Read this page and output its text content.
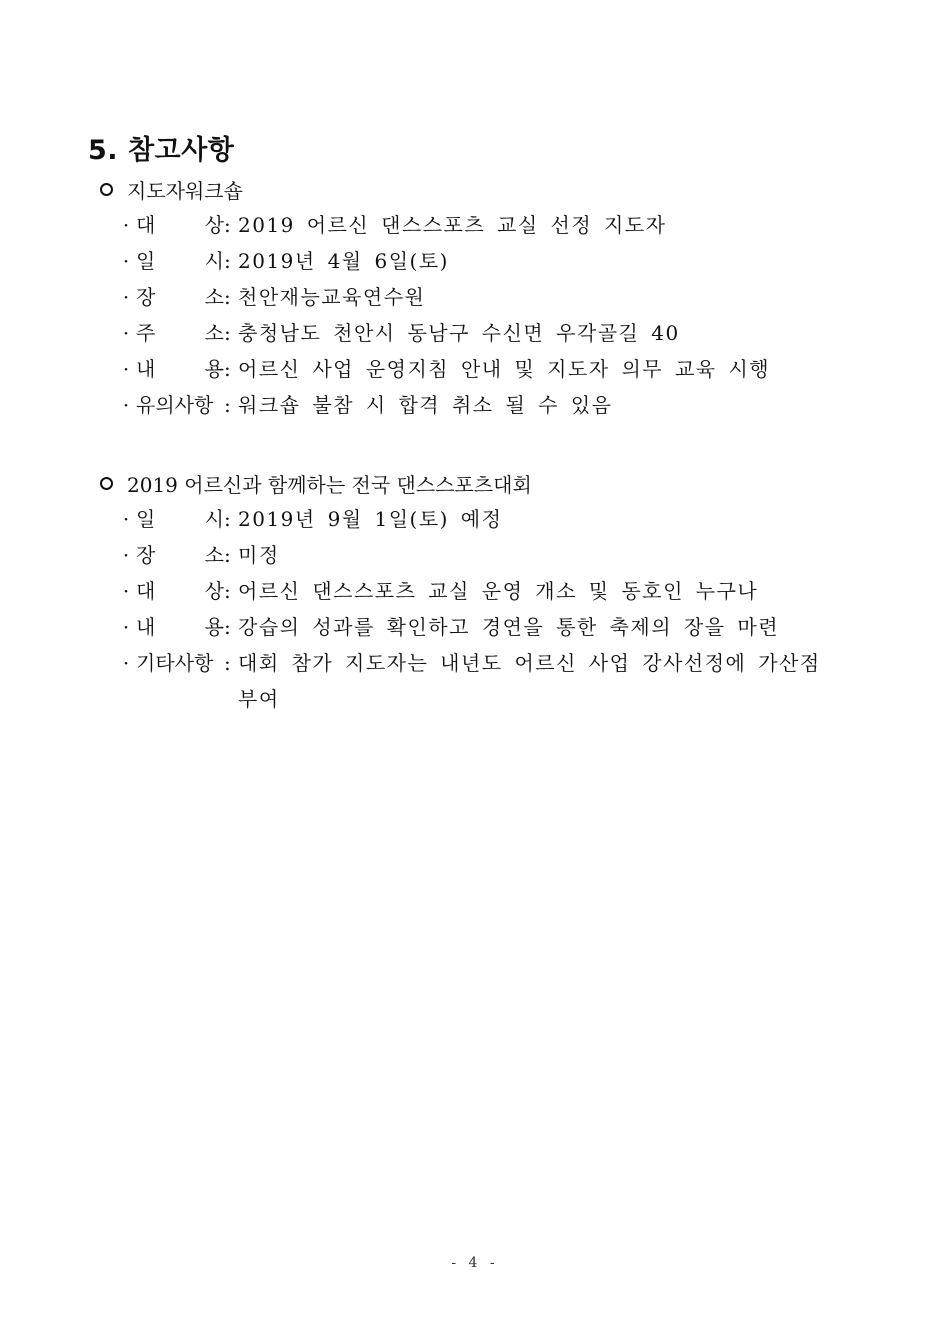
5. 참고사항
지도자워크숍
· 대 상 : 2019 어르신 댄스스포츠 교실 선정 지도자
· 일 시 : 2019년 4월 6일(토)
· 장 소 : 천안재능교육연수원
· 주 소 : 충청남도 천안시 동남구 수신면 우각골길 40
· 내 용 : 어르신 사업 운영지침 안내 및 지도자 의무 교육 시행
· 유의사항 : 워크숍 불참 시 합격 취소 될 수 있음
2019 어르신과 함께하는 전국 댄스스포츠대회
· 일 시 : 2019년 9월 1일(토) 예정
· 장 소 : 미정
· 대 상 : 어르신 댄스스포츠 교실 운영 개소 및 동호인 누구나
· 내 용 : 강습의 성과를 확인하고 경연을 통한 축제의 장을 마련
· 기타사항 : 대회 참가 지도자는 내년도 어르신 사업 강사선정에 가산점 부여
- 4 -
